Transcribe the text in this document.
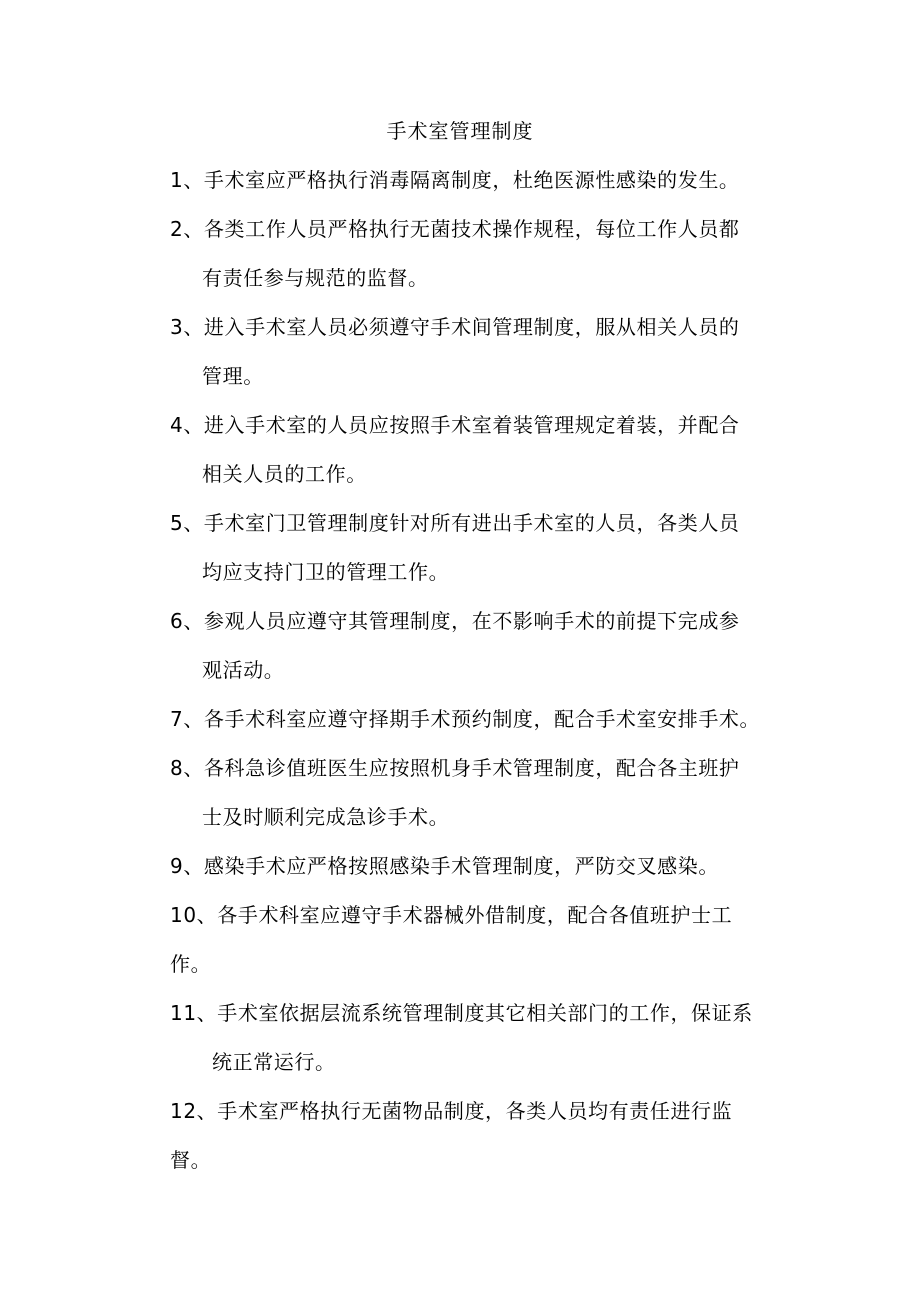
手术室管理制度
1、手术室应严格执行消毒隔离制度，杜绝医源性感染的发生。
2、各类工作人员严格执行无菌技术操作规程，每位工作人员都
有责任参与规范的监督。
3、进入手术室人员必须遵守手术间管理制度，服从相关人员的
管理。
4、进入手术室的人员应按照手术室着装管理规定着装，并配合
相关人员的工作。
5、手术室门卫管理制度针对所有进出手术室的人员，各类人员
均应支持门卫的管理工作。
6、参观人员应遵守其管理制度，在不影响手术的前提下完成参
观活动。
7、各手术科室应遵守择期手术预约制度，配合手术室安排手术。
8、各科急诊值班医生应按照机身手术管理制度，配合各主班护
士及时顺利完成急诊手术。
9、感染手术应严格按照感染手术管理制度，严防交叉感染。
10、各手术科室应遵守手术器械外借制度，配合各值班护士工
作。
11、手术室依据层流系统管理制度其它相关部门的工作，保证系
统正常运行。
12、手术室严格执行无菌物品制度，各类人员均有责任进行监
督。
